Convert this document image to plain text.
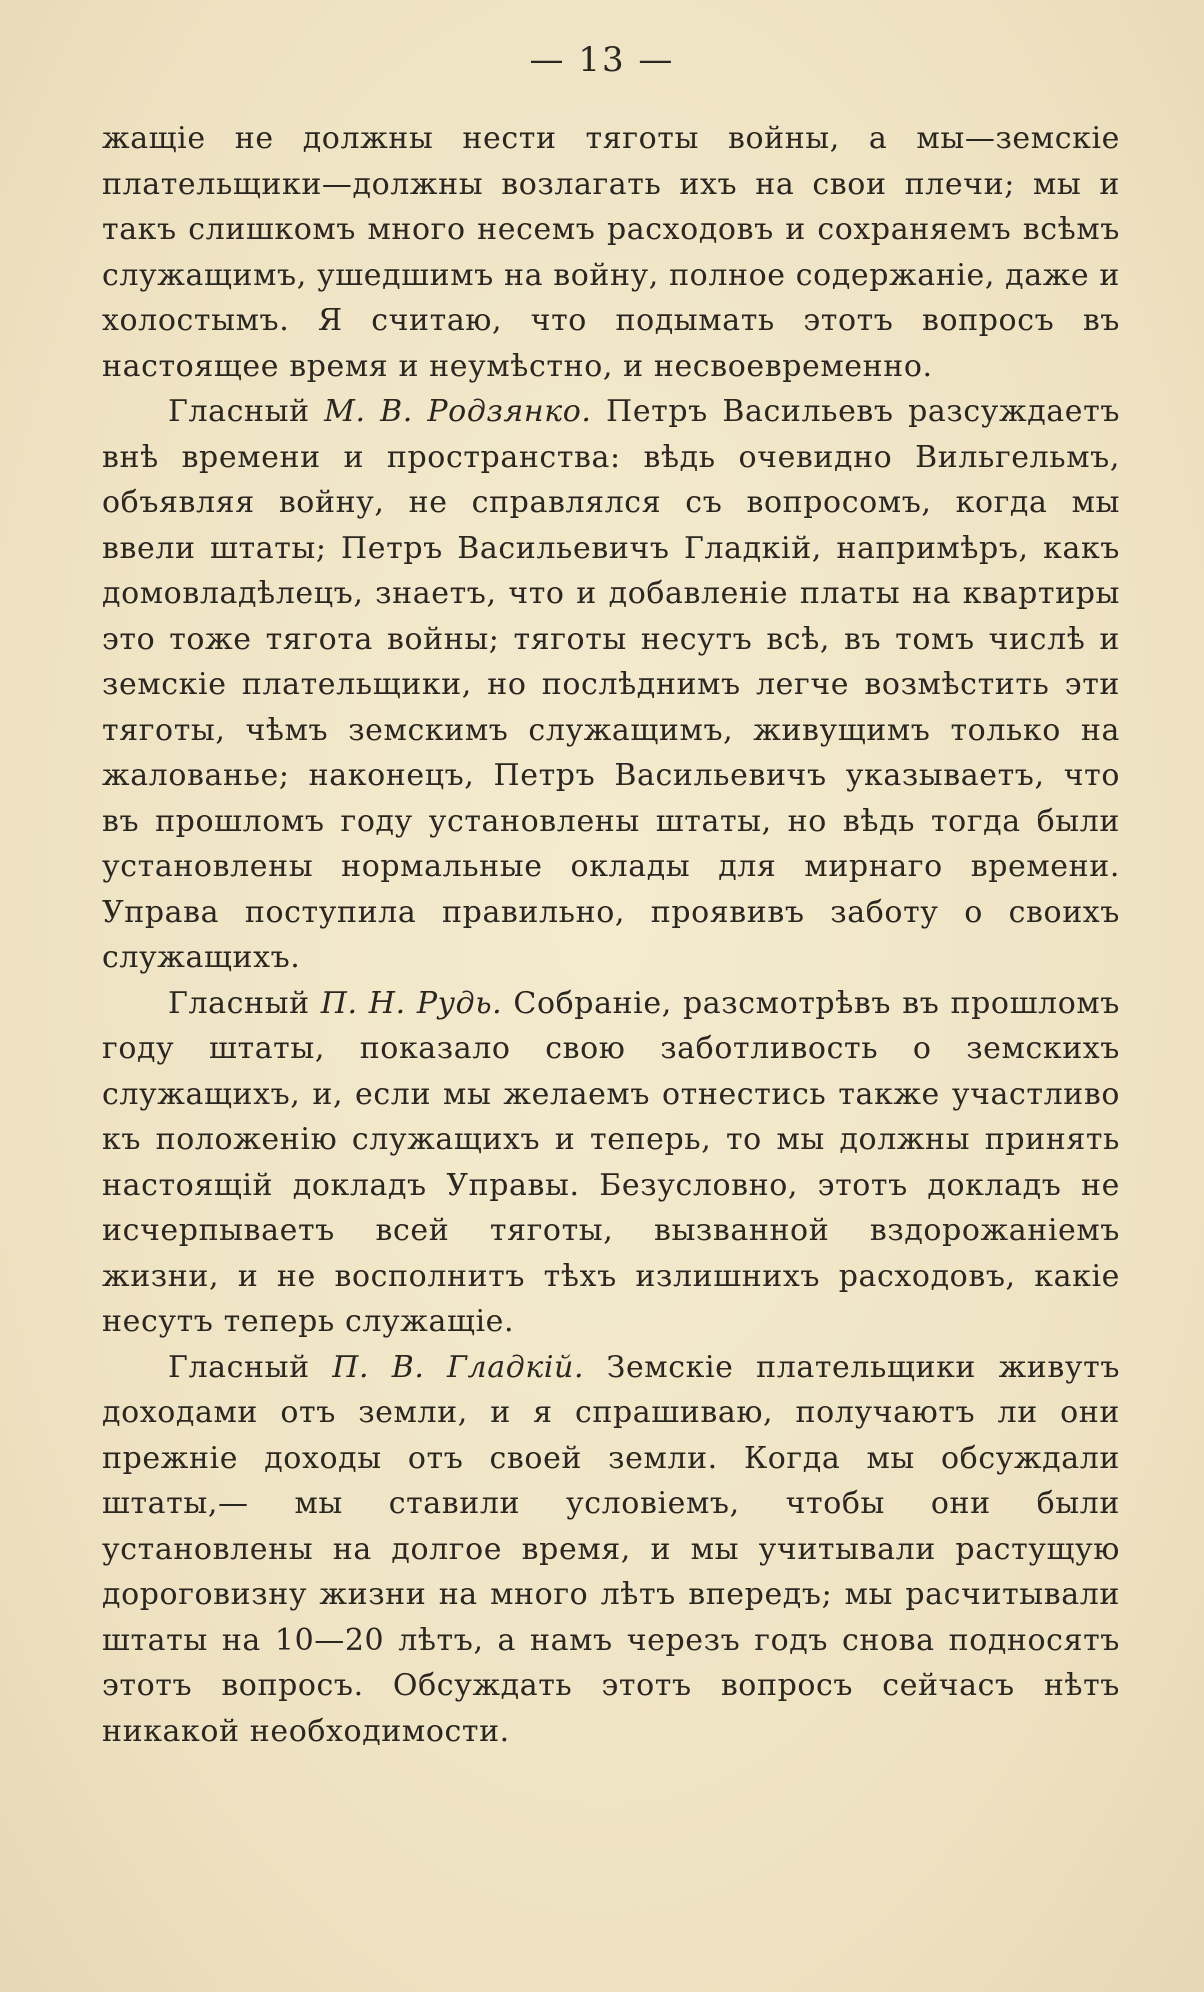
— 13 —

жащіе не должны нести тяготы войны, а мы—земскіе плательщики—должны возлагать ихъ на свои плечи; мы и такъ слишкомъ много несемъ расходовъ и сохраняемъ всѣмъ служащимъ, ушедшимъ на войну, полное содержаніе, даже и холостымъ. Я считаю, что подымать этотъ вопросъ въ настоящее время и неумѣстно, и несвоевременно.

Гласный М. В. Родзянко. Петръ Васильевъ разсуждаетъ внѣ времени и пространства: вѣдь очевидно Вильгельмъ, объявляя войну, не справлялся съ вопросомъ, когда мы ввели штаты; Петръ Васильевичъ Гладкій, напримѣръ, какъ домовладѣлецъ, знаетъ, что и добавленіе платы на квартиры это тоже тягота войны; тяготы несутъ всѣ, въ томъ числѣ и земскіе плательщики, но послѣднимъ легче возмѣстить эти тяготы, чѣмъ земскимъ служащимъ, живущимъ только на жалованье; наконецъ, Петръ Васильевичъ указываетъ, что въ прошломъ году установлены штаты, но вѣдь тогда были установлены нормальные оклады для мирнаго времени. Управа поступила правильно, проявивъ заботу о своихъ служащихъ.

Гласный П. Н. Рудь. Собраніе, разсмотрѣвъ въ прошломъ году штаты, показало свою заботливость о земскихъ служащихъ, и, если мы желаемъ отнестись также участливо къ положенію служащихъ и теперь, то мы должны принять настоящій докладъ Управы. Безусловно, этотъ докладъ не исчерпываетъ всей тяготы, вызванной вздорожаніемъ жизни, и не восполнитъ тѣхъ излишнихъ расходовъ, какіе несутъ теперь служащіе.

Гласный П. В. Гладкій. Земскіе плательщики живутъ доходами отъ земли, и я спрашиваю, получаютъ ли они прежніе доходы отъ своей земли. Когда мы обсуждали штаты,— мы ставили условіемъ, чтобы они были установлены на долгое время, и мы учитывали растущую дороговизну жизни на много лѣтъ впередъ; мы расчитывали штаты на 10—20 лѣтъ, а намъ черезъ годъ снова подносятъ этотъ вопросъ. Обсуждать этотъ вопросъ сейчасъ нѣтъ никакой необходимости.
